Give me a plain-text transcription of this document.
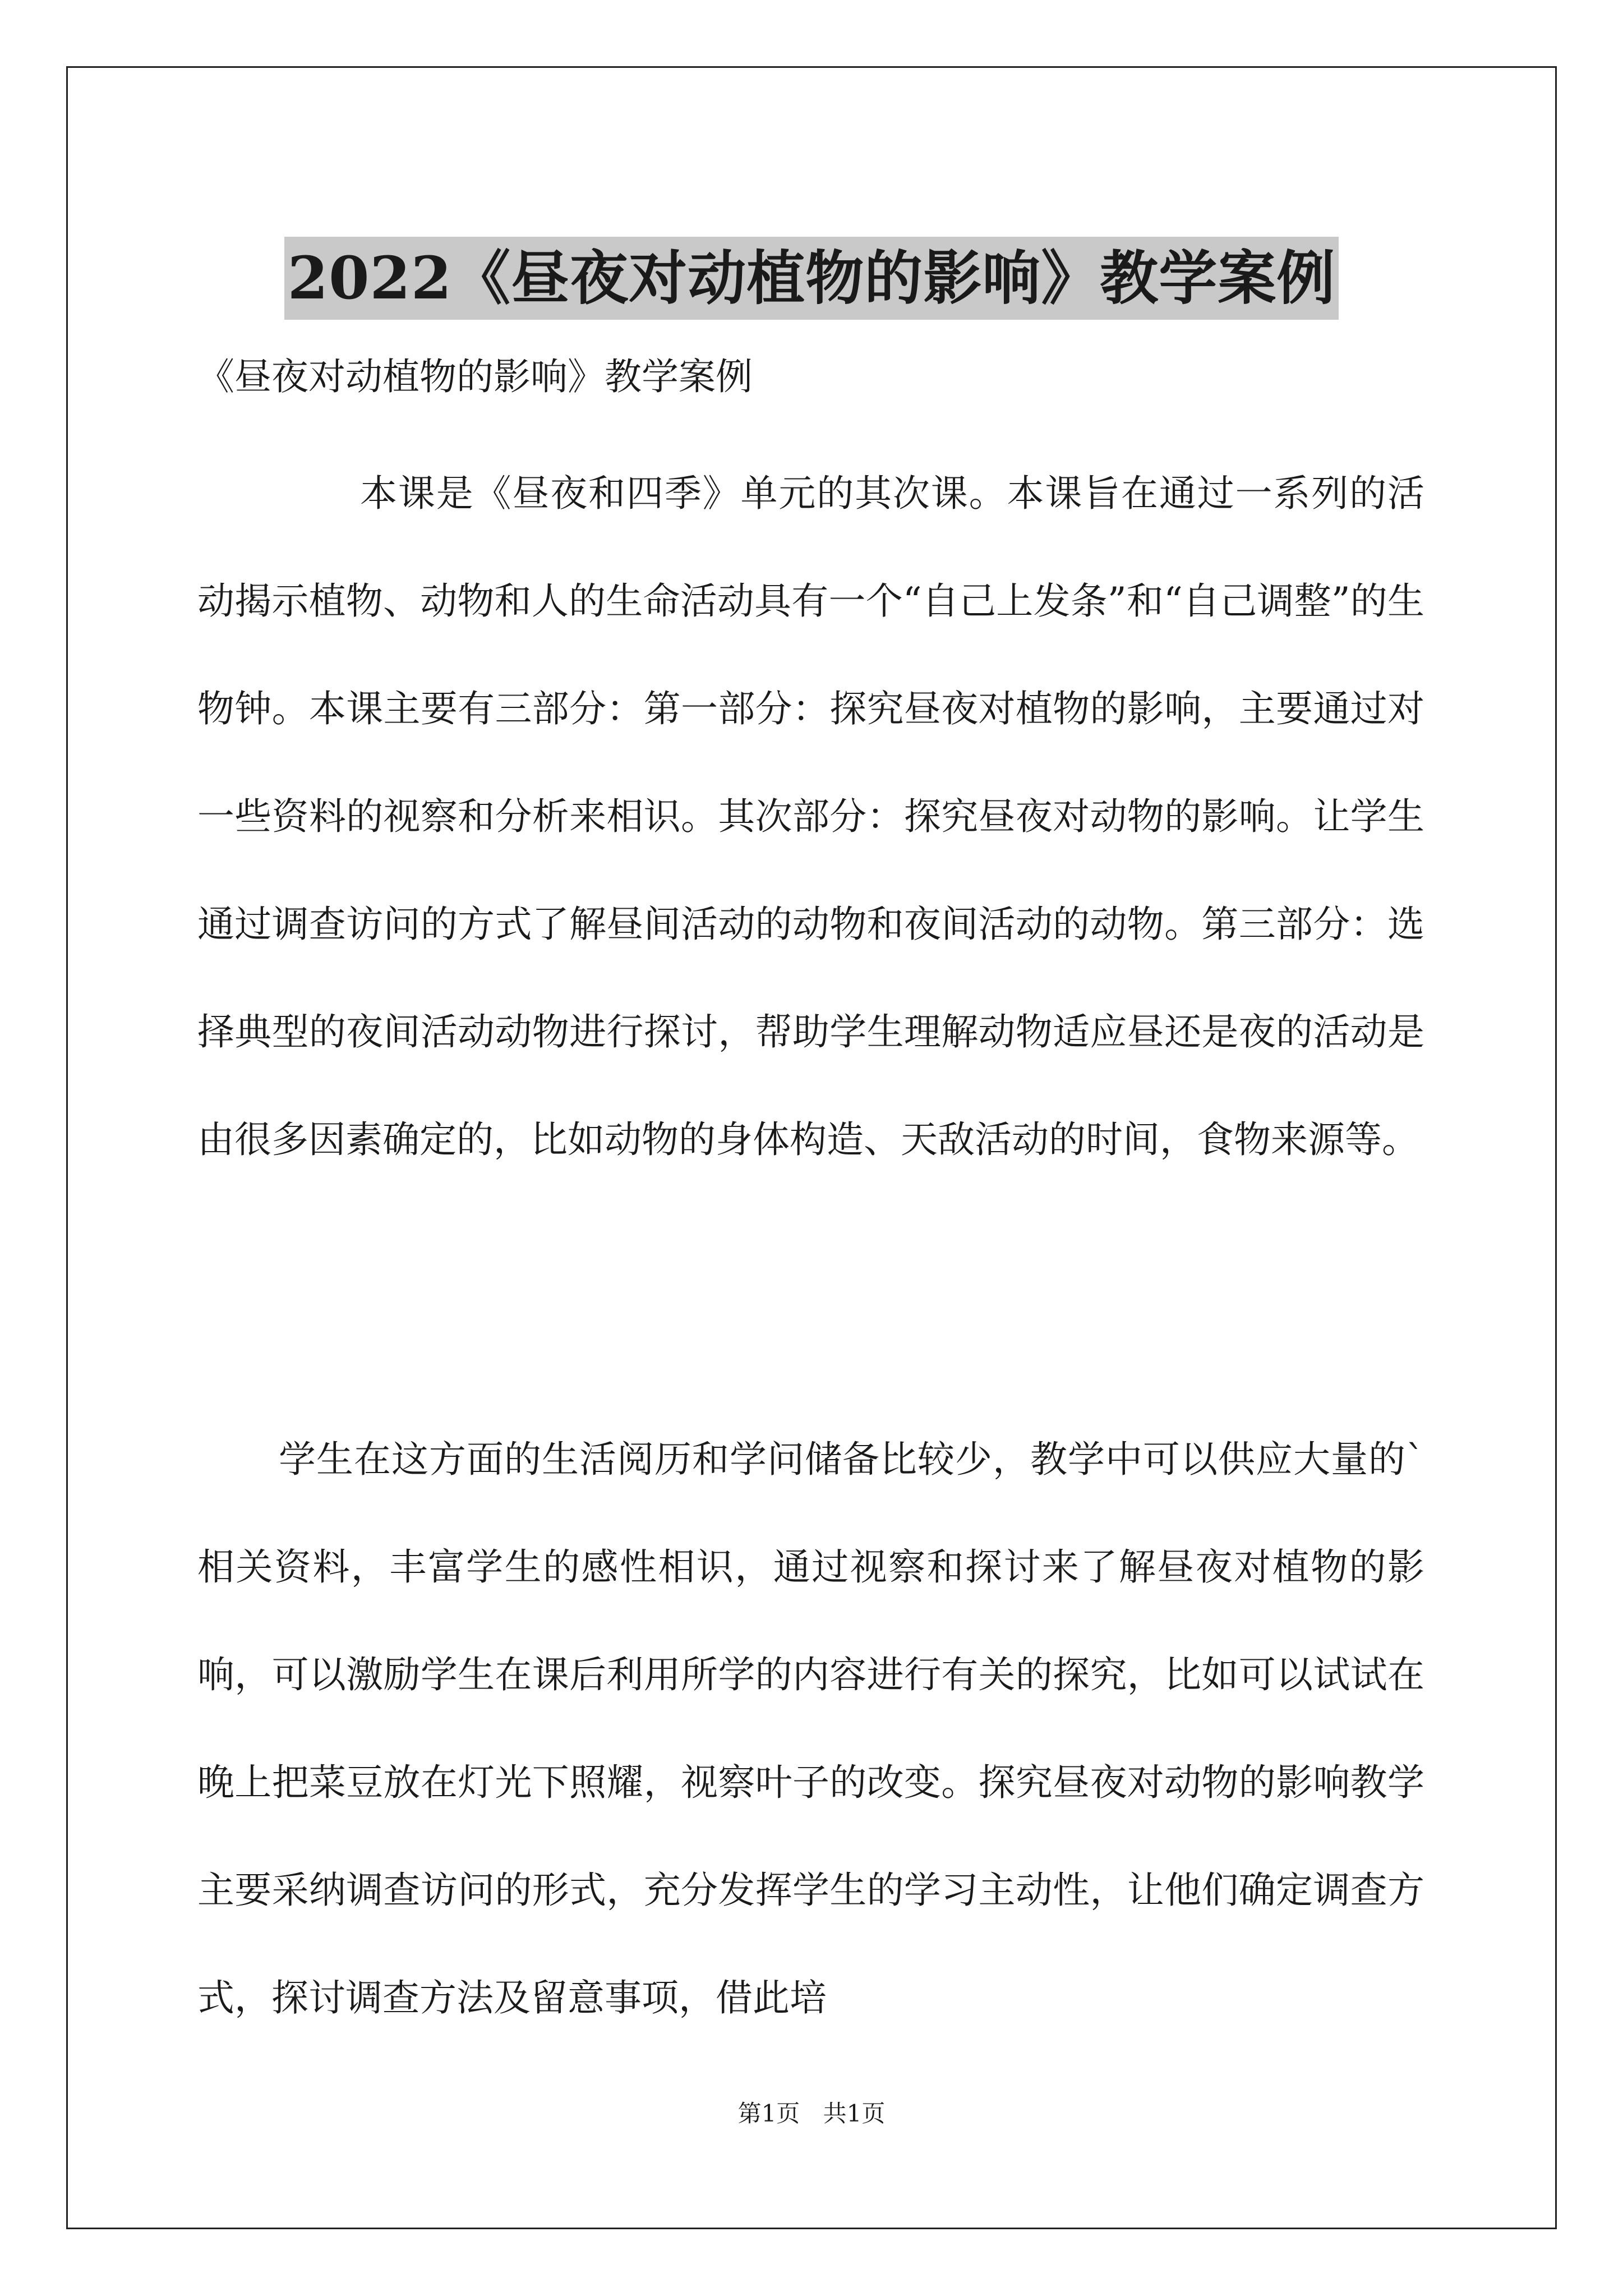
2022《昼夜对动植物的影响》教学案例
《昼夜对动植物的影响》教学案例

本课是《昼夜和四季》单元的其次课。本课旨在通过一系列的活动揭示植物、动物和人的生命活动具有一个“自己上发条”和“自己调整”的生物钟。本课主要有三部分：第一部分：探究昼夜对植物的影响，主要通过对一些资料的视察和分析来相识。其次部分：探究昼夜对动物的影响。让学生通过调查访问的方式了解昼间活动的动物和夜间活动的动物。第三部分：选择典型的夜间活动动物进行探讨，帮助学生理解动物适应昼还是夜的活动是由很多因素确定的，比如动物的身体构造、天敌活动的时间，食物来源等。

学生在这方面的生活阅历和学问储备比较少，教学中可以供应大量的`相关资料，丰富学生的感性相识，通过视察和探讨来了解昼夜对植物的影响，可以激励学生在课后利用所学的内容进行有关的探究，比如可以试试在晚上把菜豆放在灯光下照耀，视察叶子的改变。探究昼夜对动物的影响教学主要采纳调查访问的形式，充分发挥学生的学习主动性，让他们确定调查方式，探讨调查方法及留意事项，借此培

第1页 共1页
